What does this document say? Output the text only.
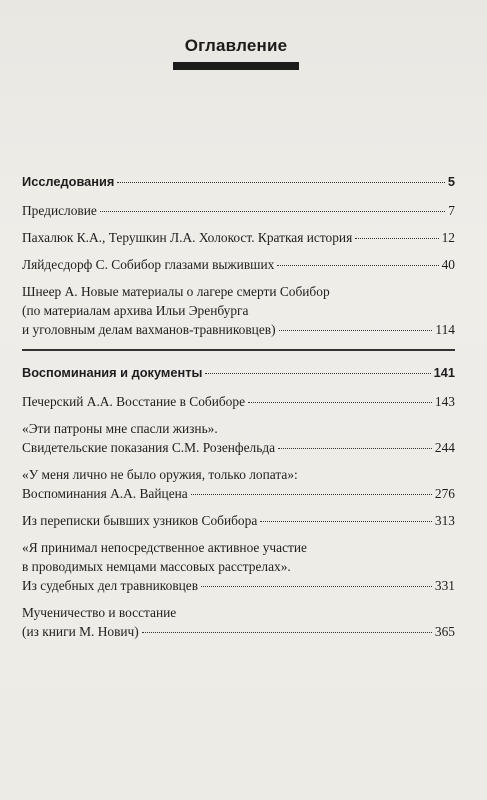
Оглавление
Исследования	5
Предисловие	7
Пахалюк К.А., Терушкин Л.А. Холокост. Краткая история	12
Ляйдесдорф С. Собибор глазами выживших	40
Шнеер А. Новые материалы о лагере смерти Собибор
(по материалам архива Ильи Эренбурга
и уголовным делам вахманов-травниковцев)	114
Воспоминания и документы	141
Печерский А.А. Восстание в Собиборе	143
«Эти патроны мне спасли жизнь».
Свидетельские показания С.М. Розенфельда	244
«У меня лично не было оружия, только лопата»:
Воспоминания А.А. Вайцена	276
Из переписки бывших узников Собибора	313
«Я принимал непосредственное активное участие
в проводимых немцами массовых расстрелах».
Из судебных дел травниковцев	331
Мученичество и восстание
(из книги М. Нович)	365
